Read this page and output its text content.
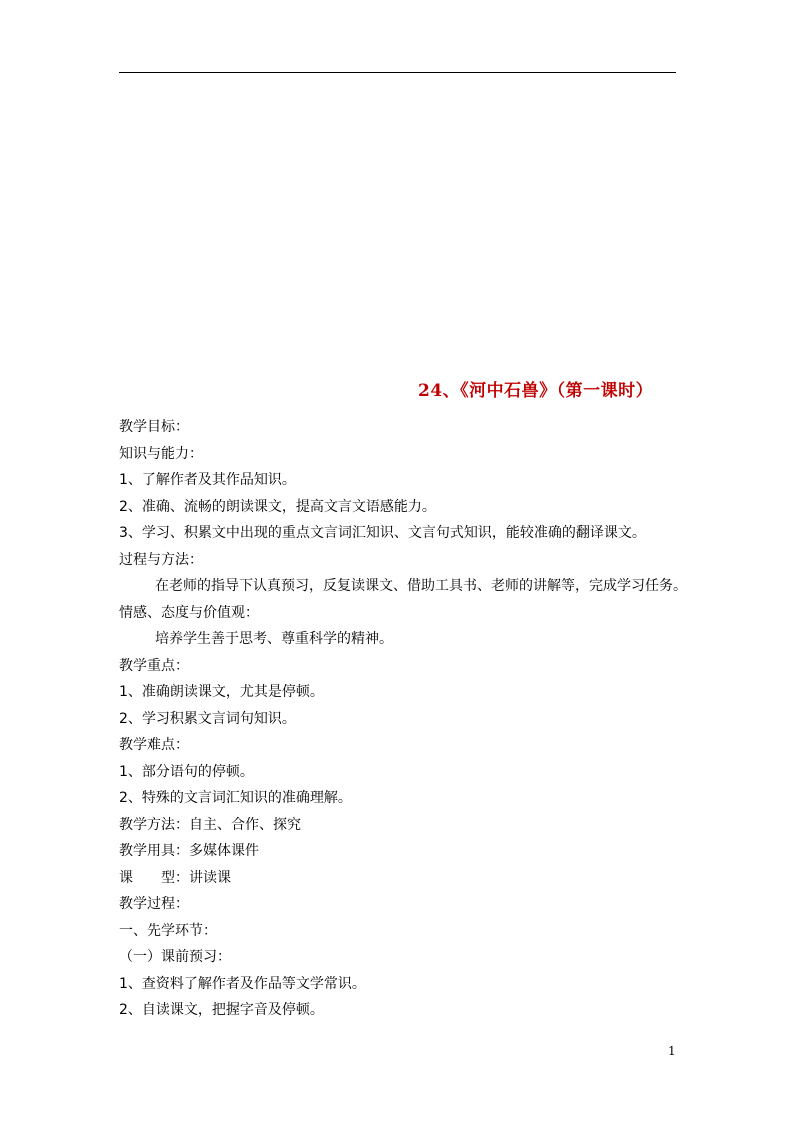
24、《河中石兽》（第一课时）
教学目标：
知识与能力：
1、了解作者及其作品知识。
2、准确、流畅的朗读课文，提高文言文语感能力。
3、学习、积累文中出现的重点文言词汇知识、文言句式知识，能较准确的翻译课文。
过程与方法：
在老师的指导下认真预习，反复读课文、借助工具书、老师的讲解等，完成学习任务。
情感、态度与价值观：
培养学生善于思考、尊重科学的精神。
教学重点：
1、准确朗读课文，尤其是停顿。
2、学习积累文言词句知识。
教学难点：
1、部分语句的停顿。
2、特殊的文言词汇知识的准确理解。
教学方法：自主、合作、探究
教学用具：多媒体课件
课　　型：讲读课
教学过程：
一、先学环节：
（一）课前预习：
1、查资料了解作者及作品等文学常识。
2、自读课文，把握字音及停顿。
1
